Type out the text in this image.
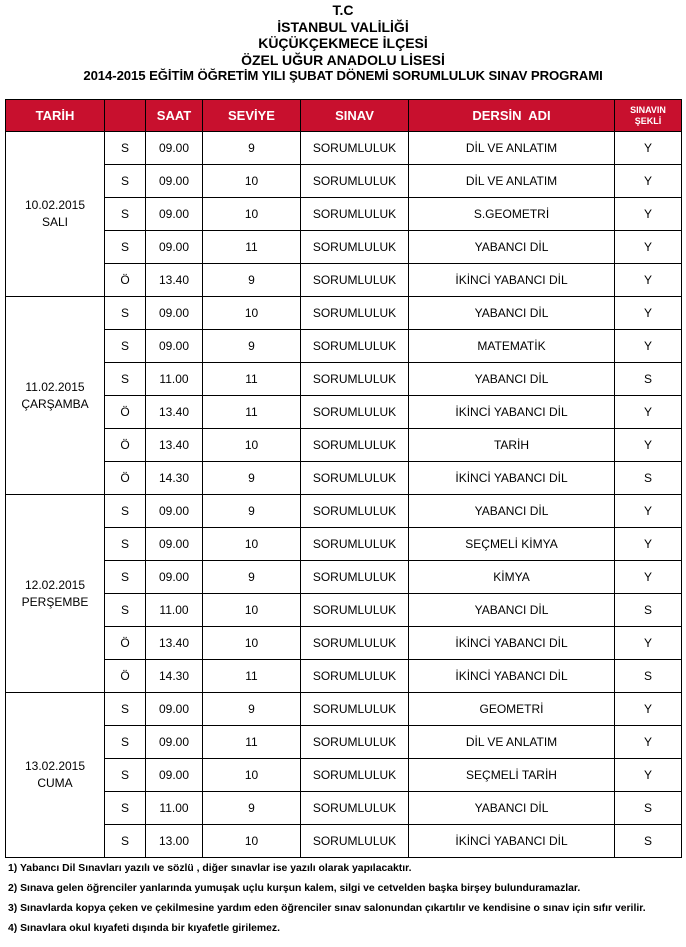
T.C
İSTANBUL VALİLİĞİ
KÜÇÜKÇEKMECE İLÇESİ
ÖZEL UĞUR ANADOLU LİSESİ
2014-2015 EĞİTİM ÖĞRETİM YILI ŞUBAT DÖNEMİ SORUMLULUK SINAV PROGRAMI
TARİH		SAAT	SEVİYE	SINAV	DERSİN  ADI	SINAVIN
ŞEKLİ
10.02.2015
SALI	S	09.00	9	SORUMLULUK	DİL VE ANLATIM	Y
	S	09.00	10	SORUMLULUK	DİL VE ANLATIM	Y
	S	09.00	10	SORUMLULUK	S.GEOMETRİ	Y
	S	09.00	11	SORUMLULUK	YABANCI DİL	Y
	Ö	13.40	9	SORUMLULUK	İKİNCİ YABANCI DİL	Y
11.02.2015
ÇARŞAMBA	S	09.00	10	SORUMLULUK	YABANCI DİL	Y
	S	09.00	9	SORUMLULUK	MATEMATİK	Y
	S	11.00	11	SORUMLULUK	YABANCI DİL	S
	Ö	13.40	11	SORUMLULUK	İKİNCİ YABANCI DİL	Y
	Ö	13.40	10	SORUMLULUK	TARİH	Y
	Ö	14.30	9	SORUMLULUK	İKİNCİ YABANCI DİL	S
12.02.2015
PERŞEMBE	S	09.00	9	SORUMLULUK	YABANCI DİL	Y
	S	09.00	10	SORUMLULUK	SEÇMELİ KİMYA	Y
	S	09.00	9	SORUMLULUK	KİMYA	Y
	S	11.00	10	SORUMLULUK	YABANCI DİL	S
	Ö	13.40	10	SORUMLULUK	İKİNCİ YABANCI DİL	Y
	Ö	14.30	11	SORUMLULUK	İKİNCİ YABANCI DİL	S
13.02.2015
CUMA	S	09.00	9	SORUMLULUK	GEOMETRİ	Y
	S	09.00	11	SORUMLULUK	DİL VE ANLATIM	Y
	S	09.00	10	SORUMLULUK	SEÇMELİ TARİH	Y
	S	11.00	9	SORUMLULUK	YABANCI DİL	S
	S	13.00	10	SORUMLULUK	İKİNCİ YABANCI DİL	S
1) Yabancı Dil Sınavları yazılı ve sözlü , diğer sınavlar ise yazılı olarak yapılacaktır.
2) Sınava gelen öğrenciler yanlarında yumuşak uçlu kurşun kalem, silgi ve cetvelden başka birşey bulunduramazlar.
3) Sınavlarda kopya çeken ve çekilmesine yardım eden öğrenciler sınav salonundan çıkartılır ve kendisine o sınav için sıfır verilir.
4) Sınavlara okul kıyafeti dışında bir kıyafetle girilemez.
